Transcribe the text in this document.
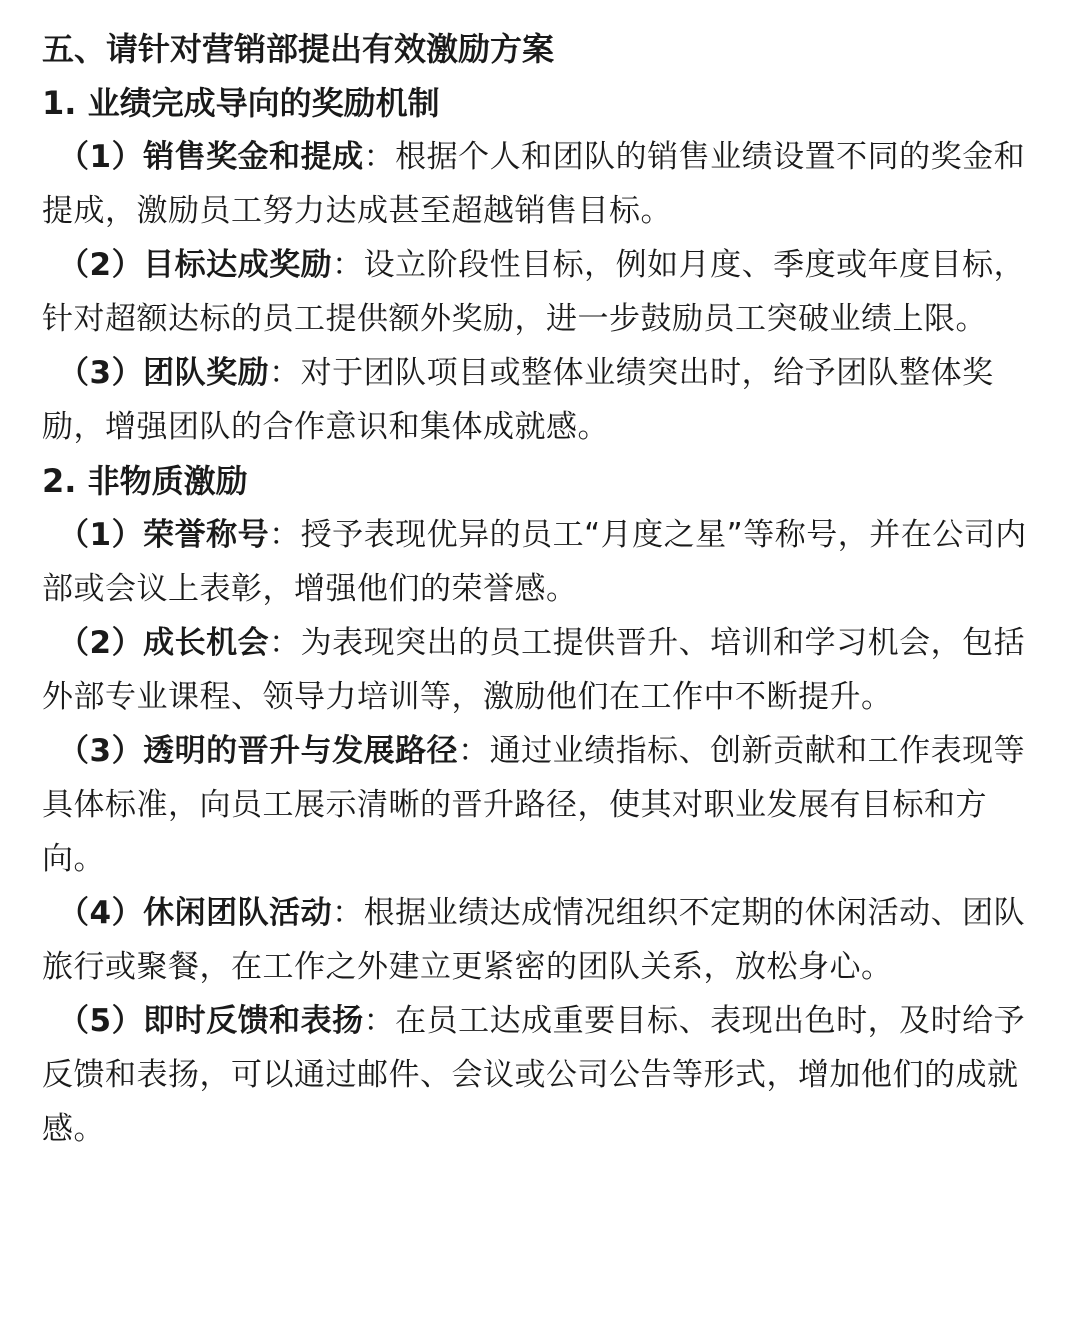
五、请针对营销部提出有效激励方案

1. 业绩完成导向的奖励机制

（1）销售奖金和提成：根据个人和团队的销售业绩设置不同的奖金和提成，激励员工努力达成甚至超越销售目标。

（2）目标达成奖励：设立阶段性目标，例如月度、季度或年度目标，针对超额达标的员工提供额外奖励，进一步鼓励员工突破业绩上限。

（3）团队奖励：对于团队项目或整体业绩突出时，给予团队整体奖励，增强团队的合作意识和集体成就感。

2. 非物质激励

（1）荣誉称号：授予表现优异的员工“月度之星”等称号，并在公司内部或会议上表彰，增强他们的荣誉感。

（2）成长机会：为表现突出的员工提供晋升、培训和学习机会，包括外部专业课程、领导力培训等，激励他们在工作中不断提升。

（3）透明的晋升与发展路径：通过业绩指标、创新贡献和工作表现等具体标准，向员工展示清晰的晋升路径，使其对职业发展有目标和方向。

（4）休闲团队活动：根据业绩达成情况组织不定期的休闲活动、团队旅行或聚餐，在工作之外建立更紧密的团队关系，放松身心。

（5）即时反馈和表扬：在员工达成重要目标、表现出色时，及时给予反馈和表扬，可以通过邮件、会议或公司公告等形式，增加他们的成就感。
